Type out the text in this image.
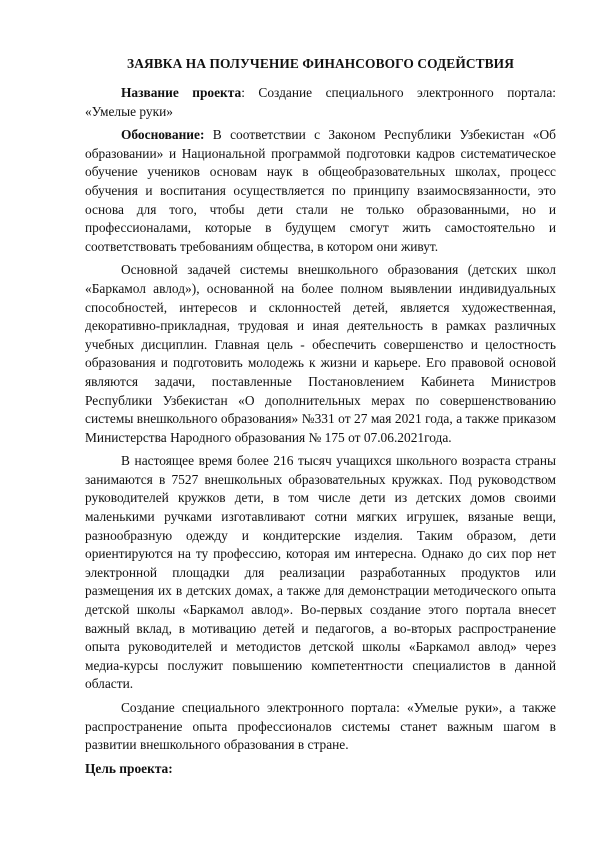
ЗАЯВКА НА ПОЛУЧЕНИЕ ФИНАНСОВОГО СОДЕЙСТВИЯ

Название проекта: Создание специального электронного портала: «Умелые руки»

Обоснование: В соответствии с Законом Республики Узбекистан «Об образовании» и Национальной программой подготовки кадров систематическое обучение учеников основам наук в общеобразовательных школах, процесс обучения и воспитания осуществляется по принципу взаимосвязанности, это основа для того, чтобы дети стали не только образованными, но и профессионалами, которые в будущем смогут жить самостоятельно и соответствовать требованиям общества, в котором они живут.

Основной задачей системы внешкольного образования (детских школ «Баркамол авлод»), основанной на более полном выявлении индивидуальных способностей, интересов и склонностей детей, является художественная, декоративно-прикладная, трудовая и иная деятельность в рамках различных учебных дисциплин. Главная цель - обеспечить совершенство и целостность образования и подготовить молодежь к жизни и карьере. Его правовой основой являются задачи, поставленные Постановлением Кабинета Министров Республики Узбекистан «О дополнительных мерах по совершенствованию системы внешкольного образования» №331 от 27 мая 2021 года, а также приказом Министерства Народного образования № 175 от 07.06.2021года.

В настоящее время более 216 тысяч учащихся школьного возраста страны занимаются в 7527 внешкольных образовательных кружках. Под руководством руководителей кружков дети, в том числе дети из детских домов своими маленькими ручками изготавливают сотни мягких игрушек, вязаные вещи, разнообразную одежду и кондитерские изделия. Таким образом, дети ориентируются на ту профессию, которая им интересна. Однако до сих пор нет электронной площадки для реализации разработанных продуктов или размещения их в детских домах, а также для демонстрации методического опыта детской школы «Баркамол авлод». Во-первых создание этого портала внесет важный вклад, в мотивацию детей и педагогов, а во-вторых распространение опыта руководителей и методистов детской школы «Баркамол авлод» через медиа-курсы послужит повышению компетентности специалистов в данной области.

Создание специального электронного портала: «Умелые руки», а также распространение опыта профессионалов системы станет важным шагом в развитии внешкольного образования в стране.

Цель проекта:
